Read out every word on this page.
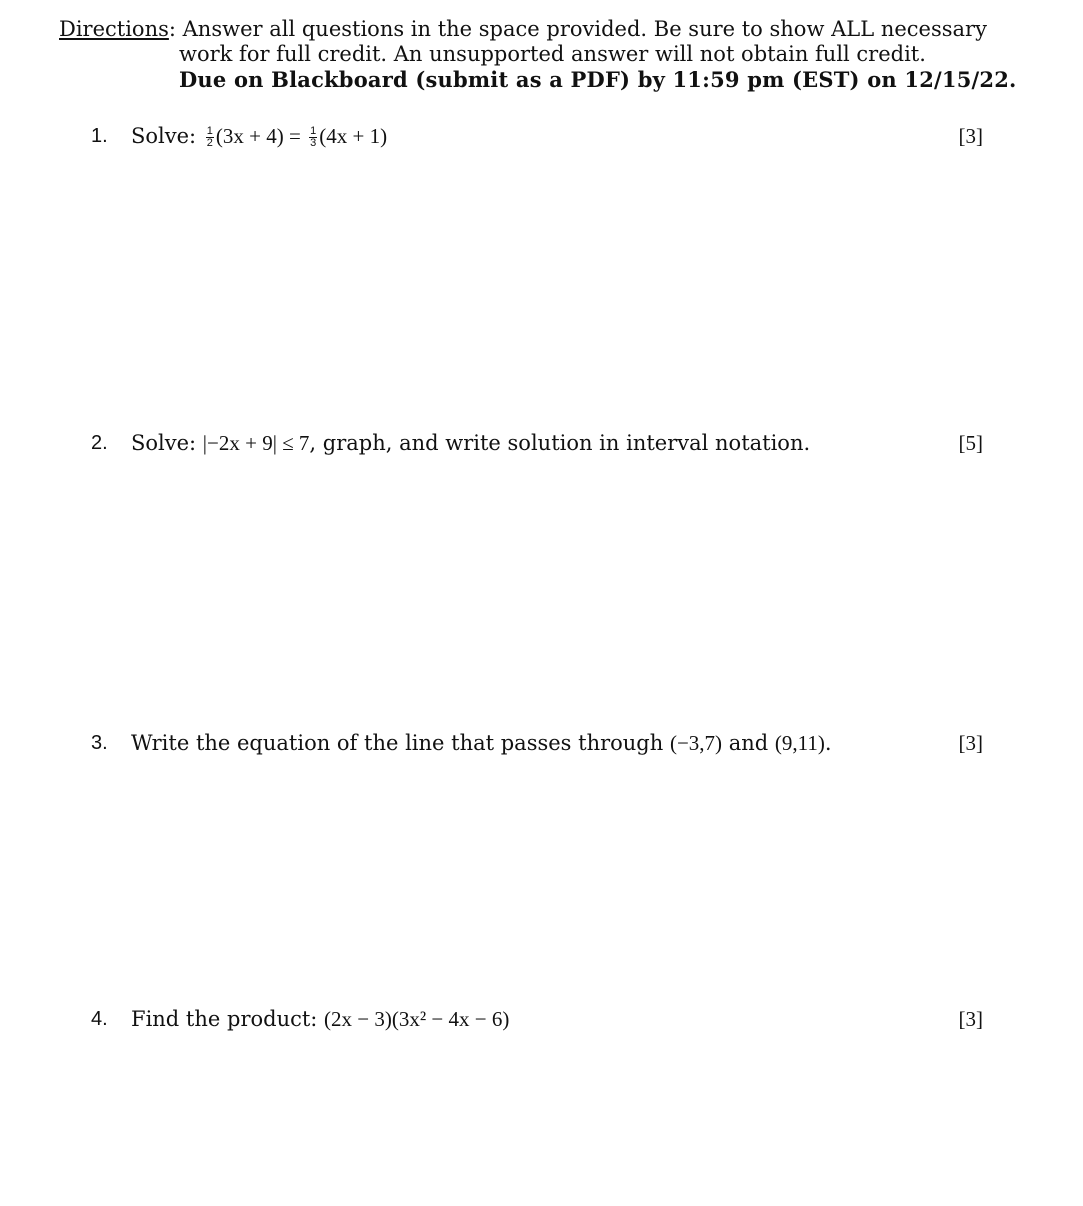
Directions: Answer all questions in the space provided. Be sure to show ALL necessary
work for full credit. An unsupported answer will not obtain full credit.
Due on Blackboard (submit as a PDF) by 11:59 pm (EST) on 12/15/22.
1. Solve: $\frac{1}{2} (3x + 4) = \frac{1}{3} (4x + 1)$	[3]
2. Solve: |−2x + 9| ≤ 7, graph, and write solution in interval notation.	[5]
3. Write the equation of the line that passes through (−3,7) and (9,11).	[3]
4. Find the product: (2x − 3)(3x² − 4x − 6)	[3]
